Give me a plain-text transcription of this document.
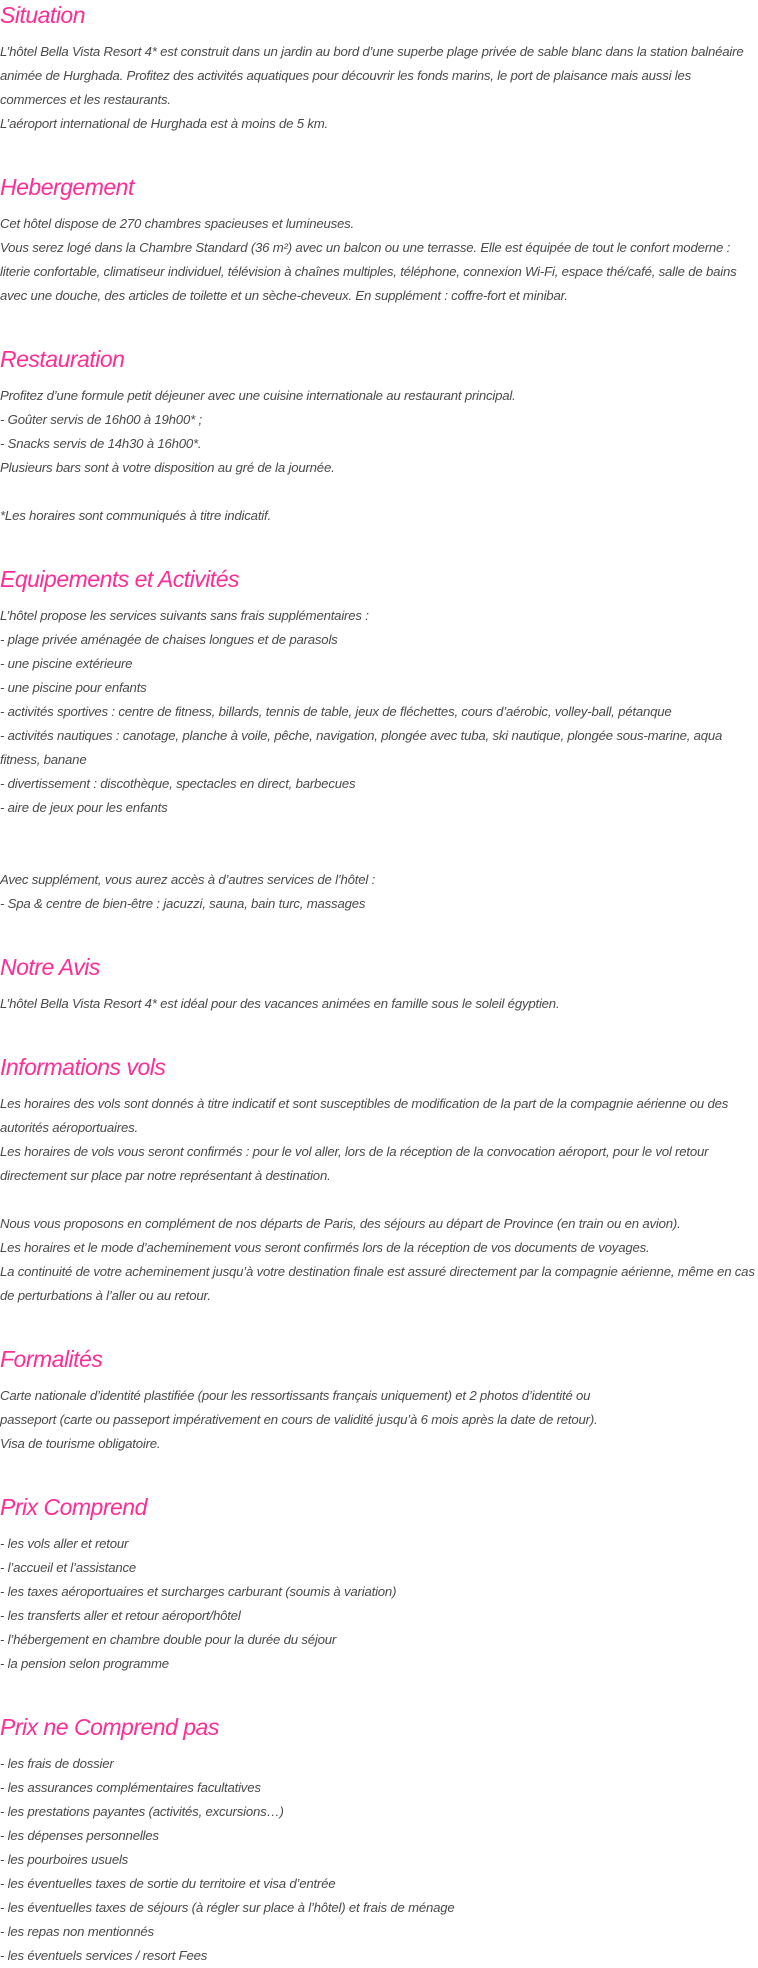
Situation
L’hôtel Bella Vista Resort 4* est construit dans un jardin au bord d’une superbe plage privée de sable blanc dans la station balnéaire animée de Hurghada. Profitez des activités aquatiques pour découvrir les fonds marins, le port de plaisance mais aussi les commerces et les restaurants.
L’aéroport international de Hurghada est à moins de 5 km.
Hebergement
Cet hôtel dispose de 270 chambres spacieuses et lumineuses.
Vous serez logé dans la Chambre Standard (36 m²) avec un balcon ou une terrasse. Elle est équipée de tout le confort moderne : literie confortable, climatiseur individuel, télévision à chaînes multiples, téléphone, connexion Wi-Fi, espace thé/café, salle de bains avec une douche, des articles de toilette et un sèche-cheveux. En supplément : coffre-fort et minibar.
Restauration
Profitez d’une formule petit déjeuner avec une cuisine internationale au restaurant principal.
- Goûter servis de 16h00 à 19h00* ;
- Snacks servis de 14h30 à 16h00*.
Plusieurs bars sont à votre disposition au gré de la journée.
*Les horaires sont communiqués à titre indicatif.
Equipements et Activités
L’hôtel propose les services suivants sans frais supplémentaires :
- plage privée aménagée de chaises longues et de parasols
- une piscine extérieure
- une piscine pour enfants
- activités sportives : centre de fitness, billards, tennis de table, jeux de fléchettes, cours d’aérobic, volley-ball, pétanque
- activités nautiques : canotage, planche à voile, pêche, navigation, plongée avec tuba, ski nautique, plongée sous-marine, aqua fitness, banane
- divertissement : discothèque, spectacles en direct, barbecues
- aire de jeux pour les enfants
Avec supplément, vous aurez accès à d’autres services de l’hôtel :
- Spa & centre de bien-être : jacuzzi, sauna, bain turc, massages
Notre Avis
L’hôtel Bella Vista Resort 4* est idéal pour des vacances animées en famille sous le soleil égyptien.
Informations vols
Les horaires des vols sont donnés à titre indicatif et sont susceptibles de modification de la part de la compagnie aérienne ou des autorités aéroportuaires.
Les horaires de vols vous seront confirmés : pour le vol aller, lors de la réception de la convocation aéroport, pour le vol retour directement sur place par notre représentant à destination.
Nous vous proposons en complément de nos départs de Paris, des séjours au départ de Province (en train ou en avion).
Les horaires et le mode d’acheminement vous seront confirmés lors de la réception de vos documents de voyages.
La continuité de votre acheminement jusqu’à votre destination finale est assuré directement par la compagnie aérienne, même en cas de perturbations à l’aller ou au retour.
Formalités
Carte nationale d’identité plastifiée (pour les ressortissants français uniquement) et 2 photos d’identité ou
passeport (carte ou passeport impérativement en cours de validité jusqu’à 6 mois après la date de retour).
Visa de tourisme obligatoire.
Prix Comprend
- les vols aller et retour
- l’accueil et l’assistance
- les taxes aéroportuaires et surcharges carburant (soumis à variation)
- les transferts aller et retour aéroport/hôtel
- l’hébergement en chambre double pour la durée du séjour
- la pension selon programme
Prix ne Comprend pas
- les frais de dossier
- les assurances complémentaires facultatives
- les prestations payantes (activités, excursions…)
- les dépenses personnelles
- les pourboires usuels
- les éventuelles taxes de sortie du territoire et visa d’entrée
- les éventuelles taxes de séjours (à régler sur place à l’hôtel) et frais de ménage
- les repas non mentionnés
- les éventuels services / resort Fees
